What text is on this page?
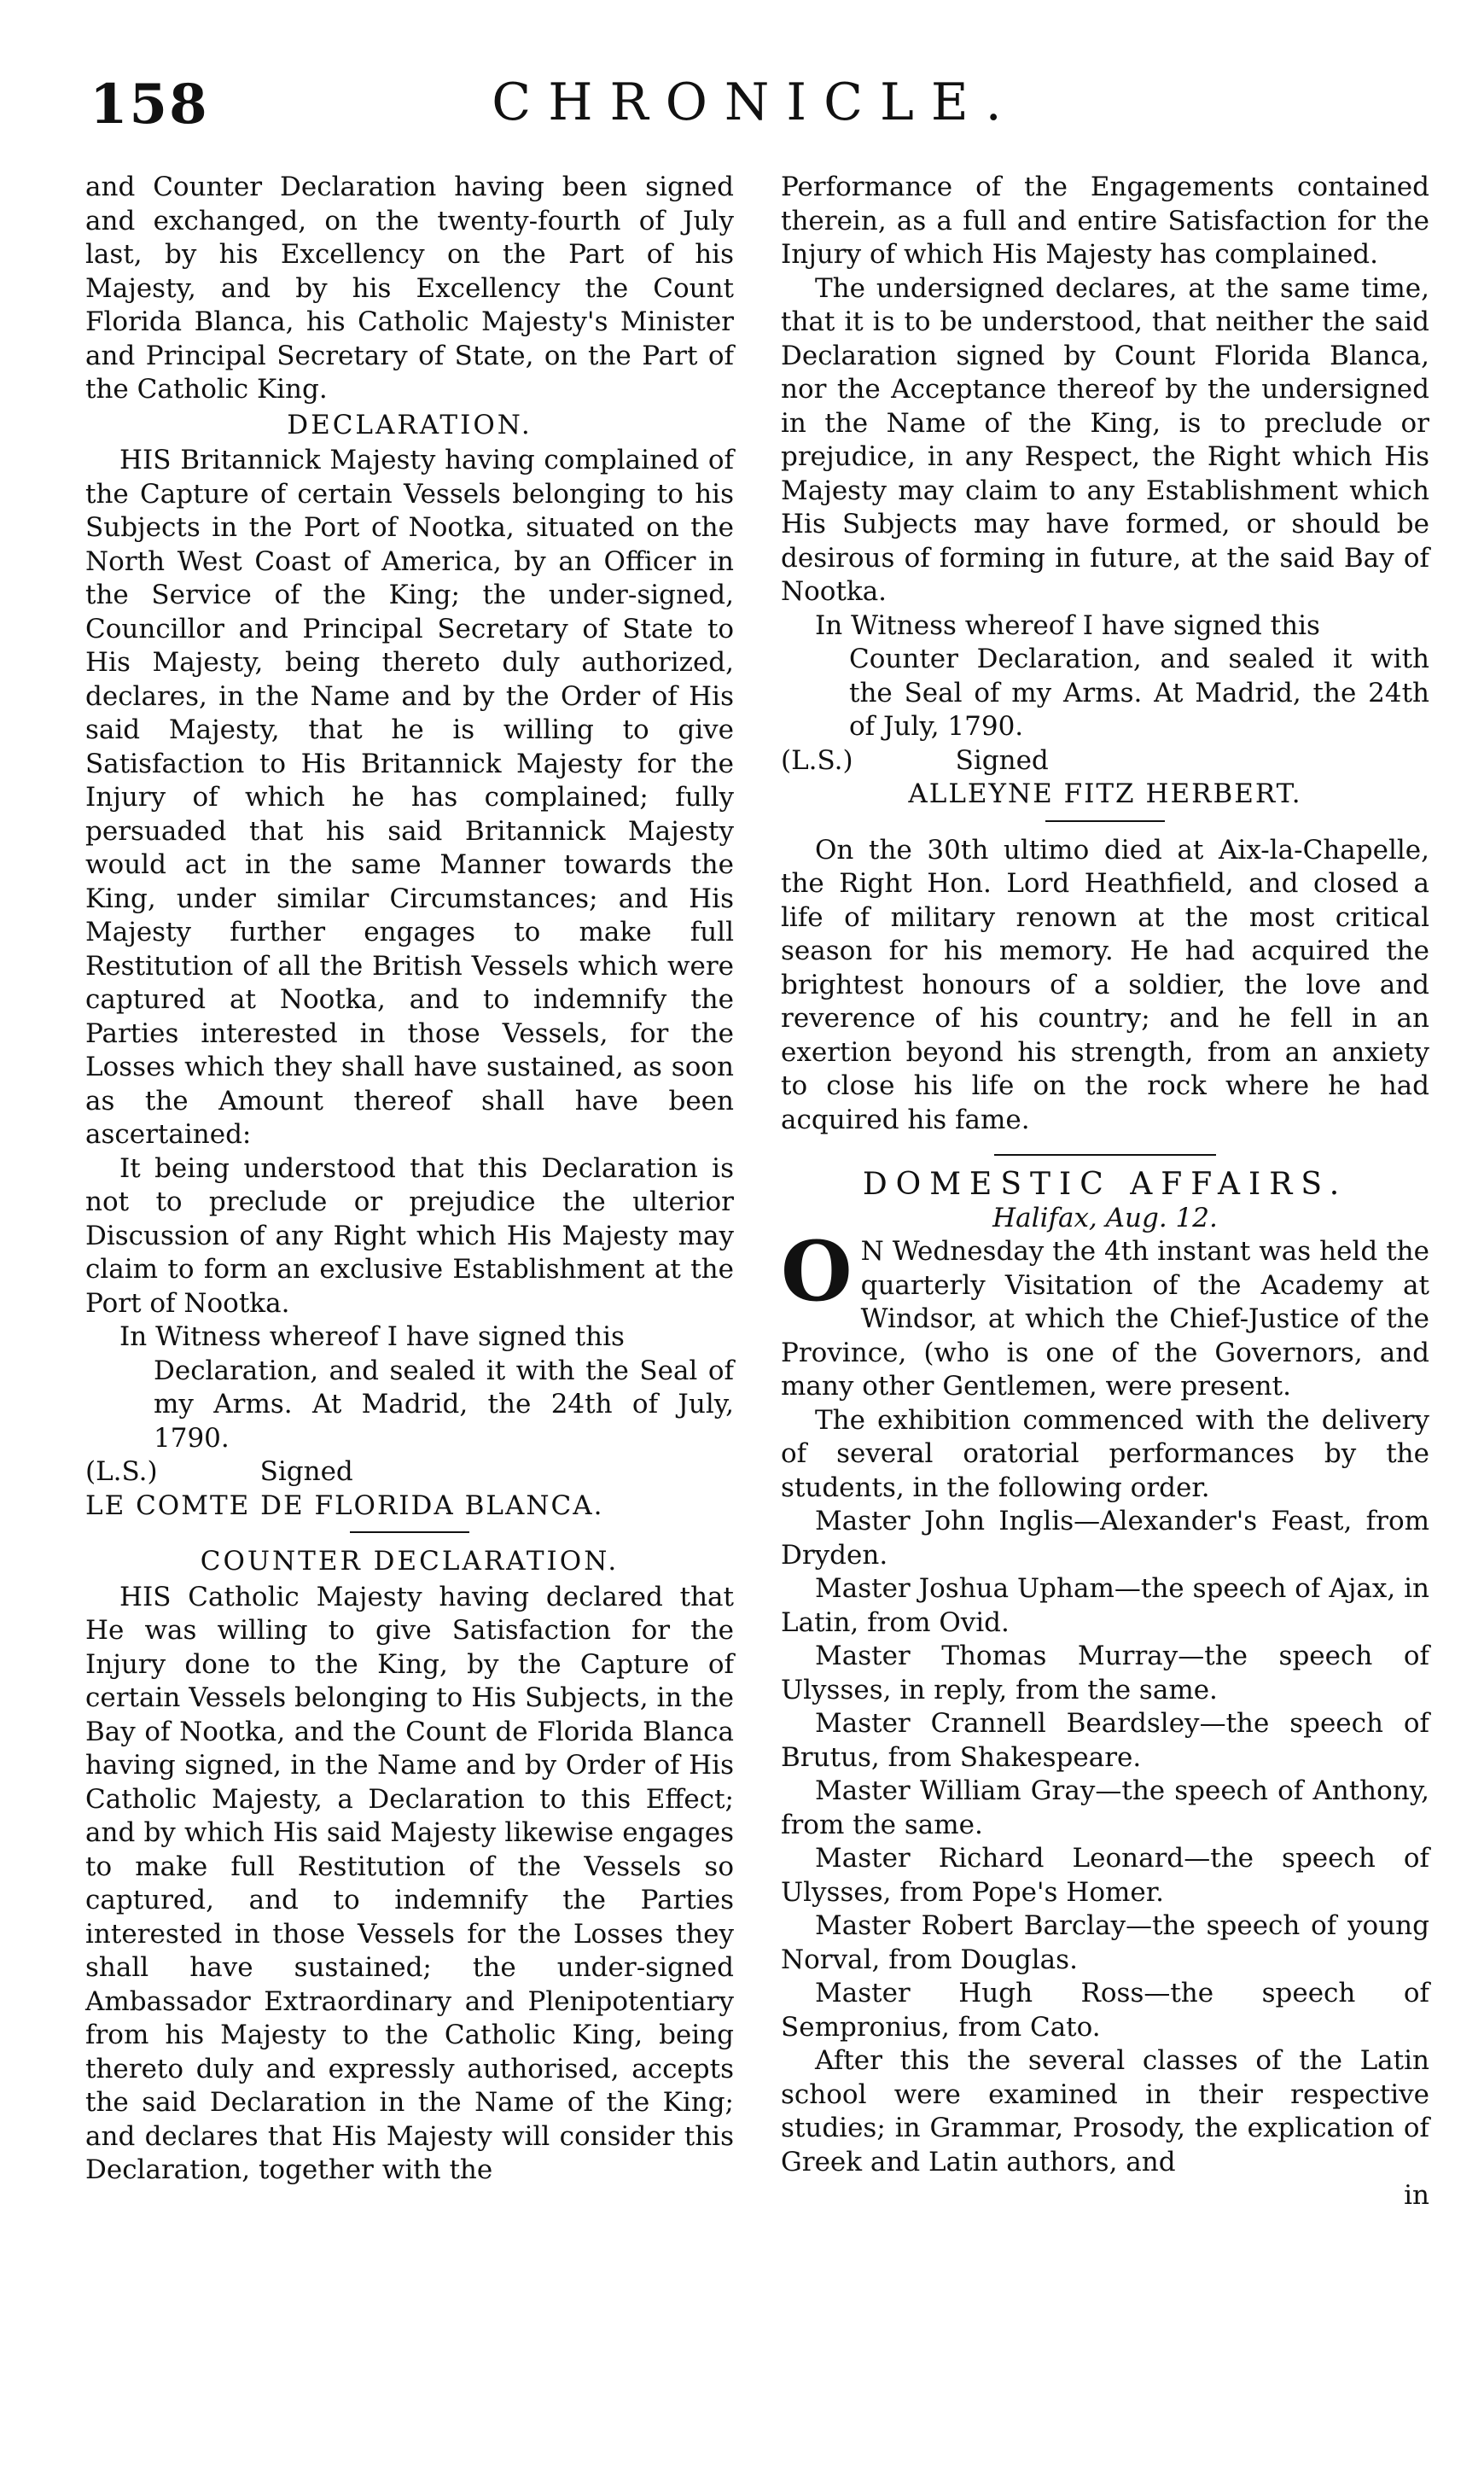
158	CHRONICLE.

and Counter Declaration having been signed and exchanged, on the twenty-fourth of July last, by his Excellency on the Part of his Majesty, and by his Excellency the Count Florida Blanca, his Catholic Majesty's Minister and Principal Secretary of State, on the Part of the Catholic King.

DECLARATION.

HIS Britannick Majesty having complained of the Capture of certain Vessels belonging to his Subjects in the Port of Nootka, situated on the North West Coast of America, by an Officer in the Service of the King; the under-signed, Councillor and Principal Secretary of State to His Majesty, being thereto duly authorized, declares, in the Name and by the Order of His said Majesty, that he is willing to give Satisfaction to His Britannick Majesty for the Injury of which he has complained; fully persuaded that his said Britannick Majesty would act in the same Manner towards the King, under similar Circumstances; and His Majesty further engages to make full Restitution of all the British Vessels which were captured at Nootka, and to indemnify the Parties interested in those Vessels, for the Losses which they shall have sustained, as soon as the Amount thereof shall have been ascertained:

It being understood that this Declaration is not to preclude or prejudice the ulterior Discussion of any Right which His Majesty may claim to form an exclusive Establishment at the Port of Nootka.

In Witness whereof I have signed this

Declaration, and sealed it with the Seal of my Arms. At Madrid, the 24th of July, 1790.

(L.S.)	Signed
LE COMTE DE FLORIDA BLANCA.
COUNTER DECLARATION.

HIS Catholic Majesty having declared that He was willing to give Satisfaction for the Injury done to the King, by the Capture of certain Vessels belonging to His Subjects, in the Bay of Nootka, and the Count de Florida Blanca having signed, in the Name and by Order of His Catholic Majesty, a Declaration to this Effect; and by which His said Majesty likewise engages to make full Restitution of the Vessels so captured, and to indemnify the Parties interested in those Vessels for the Losses they shall have sustained; the under-signed Ambassador Extraordinary and Plenipotentiary from his Majesty to the Catholic King, being thereto duly and expressly authorised, accepts the said Declaration in the Name of the King; and declares that His Majesty will consider this Declaration, together with the

Performance of the Engagements contained therein, as a full and entire Satisfaction for the Injury of which His Majesty has complained.

The undersigned declares, at the same time, that it is to be understood, that neither the said Declaration signed by Count Florida Blanca, nor the Acceptance thereof by the undersigned in the Name of the King, is to preclude or prejudice, in any Respect, the Right which His Majesty may claim to any Establishment which His Subjects may have formed, or should be desirous of forming in future, at the said Bay of Nootka.

In Witness whereof I have signed this

Counter Declaration, and sealed it with the Seal of my Arms. At Madrid, the 24th of July, 1790.

(L.S.)	Signed
ALLEYNE FITZ HERBERT.

On the 30th ultimo died at Aix-la-Chapelle, the Right Hon. Lord Heathfield, and closed a life of military renown at the most critical season for his memory. He had acquired the brightest honours of a soldier, the love and reverence of his country; and he fell in an exertion beyond his strength, from an anxiety to close his life on the rock where he had acquired his fame.

DOMESTIC AFFAIRS.
Halifax, Aug. 12.

O N Wednesday the 4th instant was held the quarterly Visitation of the Academy at Windsor, at which the Chief-Justice of the Province, (who is one of the Governors, and many other Gentlemen, were present.

The exhibition commenced with the delivery of several oratorial performances by the students, in the following order.

Master John Inglis—Alexander's Feast, from Dryden.
Master Joshua Upham—the speech of Ajax, in Latin, from Ovid.
Master Thomas Murray—the speech of Ulysses, in reply, from the same.
Master Crannell Beardsley—the speech of Brutus, from Shakespeare.
Master William Gray—the speech of Anthony, from the same.
Master Richard Leonard—the speech of Ulysses, from Pope's Homer.
Master Robert Barclay—the speech of young Norval, from Douglas.
Master Hugh Ross—the speech of Sempronius, from Cato.

After this the several classes of the Latin school were examined in their respective studies; in Grammar, Prosody, the explication of Greek and Latin authors, and

in
